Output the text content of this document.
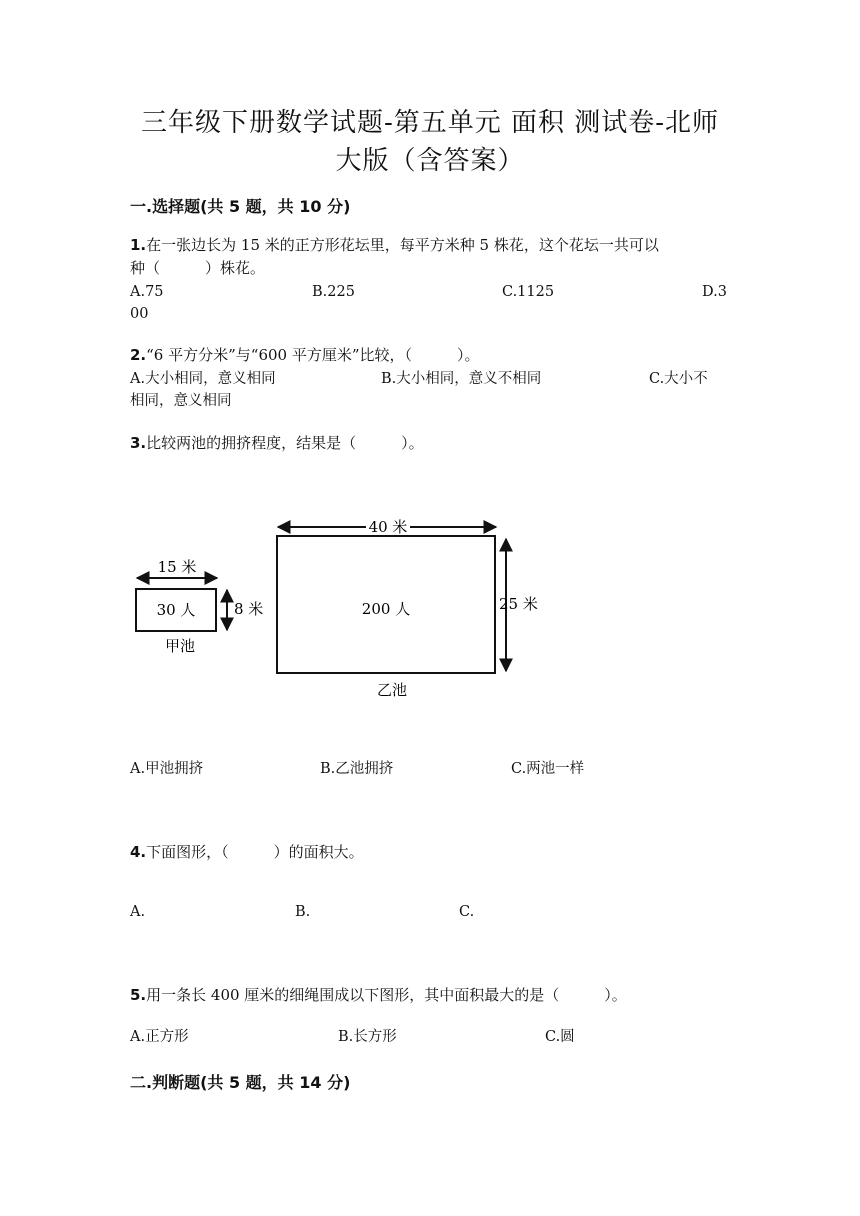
三年级下册数学试题-第五单元 面积 测试卷-北师
大版（含答案）
一.选择题(共 5 题，共 10 分)
1.在一张边长为 15 米的正方形花坛里，每平方米种 5 株花，这个花坛一共可以
种（　　　）株花。
A.75	B.225	C.1125	D.3
00
2.“6 平方分米”与“600 平方厘米”比较，（　　　）。
A.大小相同，意义相同	B.大小相同，意义不相同	C.大小不
相同，意义相同
3.比较两池的拥挤程度，结果是（　　　）。
15 米
30 人	8 米
甲池
40 米
200 人	25 米
乙池
A.甲池拥挤	B.乙池拥挤	C.两池一样
4.下面图形，（　　　）的面积大。
A.	B.	C.
5.用一条长 400 厘米的细绳围成以下图形，其中面积最大的是（　　　）。
A.正方形	B.长方形	C.圆
二.判断题(共 5 题，共 14 分)
